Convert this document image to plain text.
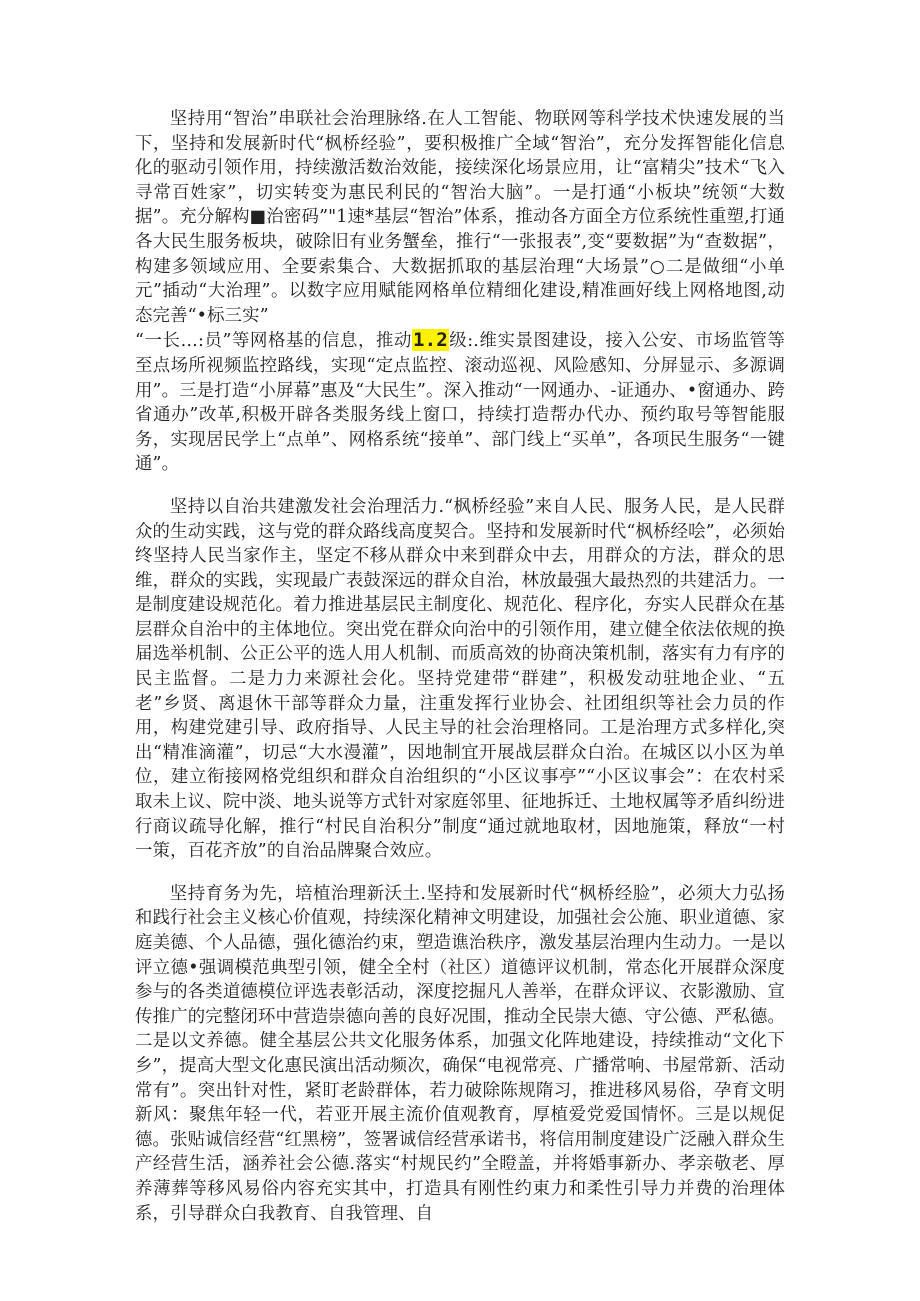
坚持用“智治”串联社会治理脉络.在人工智能、物联网等科学技术快速发展的当下，坚持和发展新时代“枫桥经验”，要积极推广全域“智治”，充分发挥智能化信息化的驱动引领作用，持续激活数治效能，接续深化场景应用，让“富精尖”技术“飞入寻常百姓家”，切实转变为惠民利民的“智治大脑”。一是打通“小板块”统领“大数据”。充分解构■治密码”"1速*基层“智治”体系，推动各方面全方位系统性重塑,打通各大民生服务板块，破除旧有业务蟹垒，推行“一张报表”,变“要数据”为“查数据”，构建多领域应用、全要索集合、大数据抓取的基层治理“大场景”○二是做细“小单元”插动“大治理”。以数字应用赋能网格单位精细化建设,精准画好线上网格地图,动态完善“•标三实”
“一长…:员”等网格基的信息，推动1.2级:.维实景图建设，接入公安、市场监管等至点场所视频监控路线，实现“定点监控、滚动巡视、风险感知、分屏显示、多源调用”。三是打造“小屏幕”惠及“大民生”。深入推动“一网通办、-证通办、•窗通办、跨省通办”改革,积极开辟各类服务线上窗口，持续打造帮办代办、预约取号等智能服务，实现居民学上“点单”、网格系统“接单”、部门线上“买单”，各项民生服务“一键通”。

坚持以自治共建激发社会治理活力.“枫桥经验”来自人民、服务人民，是人民群众的生动实践，这与党的群众路线高度契合。坚持和发展新时代“枫桥经哙”，必须始终坚持人民当家作主，坚定不移从群众中来到群众中去，用群众的方法，群众的思维，群众的实践，实现最广表鼓深远的群众自治，林放最强大最热烈的共建活力。一是制度建设规范化。着力推进基层民主制度化、规范化、程序化，夯实人民群众在基层群众自治中的主体地位。突出党在群众向治中的引领作用，建立健全依法依规的换届选举机制、公正公平的选人用人机制、而质高效的协商决策机制，落实有力有序的民主监督。二是力力来源社会化。坚持党建带“群建”，积极发动驻地企业、“五老”乡贤、离退休干部等群众力量，注重发挥行业协会、社团组织等社会力员的作用，构建党建引导、政府指导、人民主导的社会治理格同。工是治理方式多样化,突出“精准滴灌”，切忌“大水漫灌”，因地制宜开展战层群众白治。在城区以小区为单位，建立衔接网格党组织和群众自治组织的“小区议事亭”“小区议事会”：在农村采取未上议、院中淡、地头说等方式针对家庭邻里、征地拆迁、土地权属等矛盾纠纷进行商议疏导化解，推行“村民自治积分”制度“通过就地取材，因地施策，释放“一村一策，百花齐放”的自治品牌聚合效应。

坚持育务为先，培植治理新沃土.坚持和发展新时代“枫桥经脸”，必须大力弘扬和践行社会主义核心价值观，持续深化精神文明建设，加强社会公施、职业道德、家庭美德、个人品德，强化德治约束，塑造谯治秩序，激发基层治理内生动力。一是以评立德•强调模范典型引领，健全全村（社区）道德评议机制，常态化开展群众深度参与的各类道德模位评选表彰活动，深度挖掘凡人善举，在群众评议、衣影激励、宣传推广的完整闭环中营造崇德向善的良好况围，推动全民崇大德、守公德、严私德。二是以文养德。健全基层公共文化服务体系，加强文化阵地建设，持续推动“文化下乡”，提高大型文化惠民演出活动频次，确保“电视常亮、广播常响、书屋常新、活动常有”。突出针对性，紧盯老龄群体，若力破除陈规隋习，推进移风易俗，孕育文明新风：聚焦年轻一代，若亚开展主流价值观教育，厚植爱党爱国情怀。三是以规促德。张贴诚信经营“红黑榜”，签署诚信经营承诺书，将信用制度建设广泛融入群众生产经营生活，涵养社会公德.落实“村规民约”全瞪盖，并将婚事新办、孝亲敬老、厚养薄葬等移风易俗内容充实其中，打造具有刚性约東力和柔性引导力并费的治理体系，引导群众白我教育、自我管理、自
